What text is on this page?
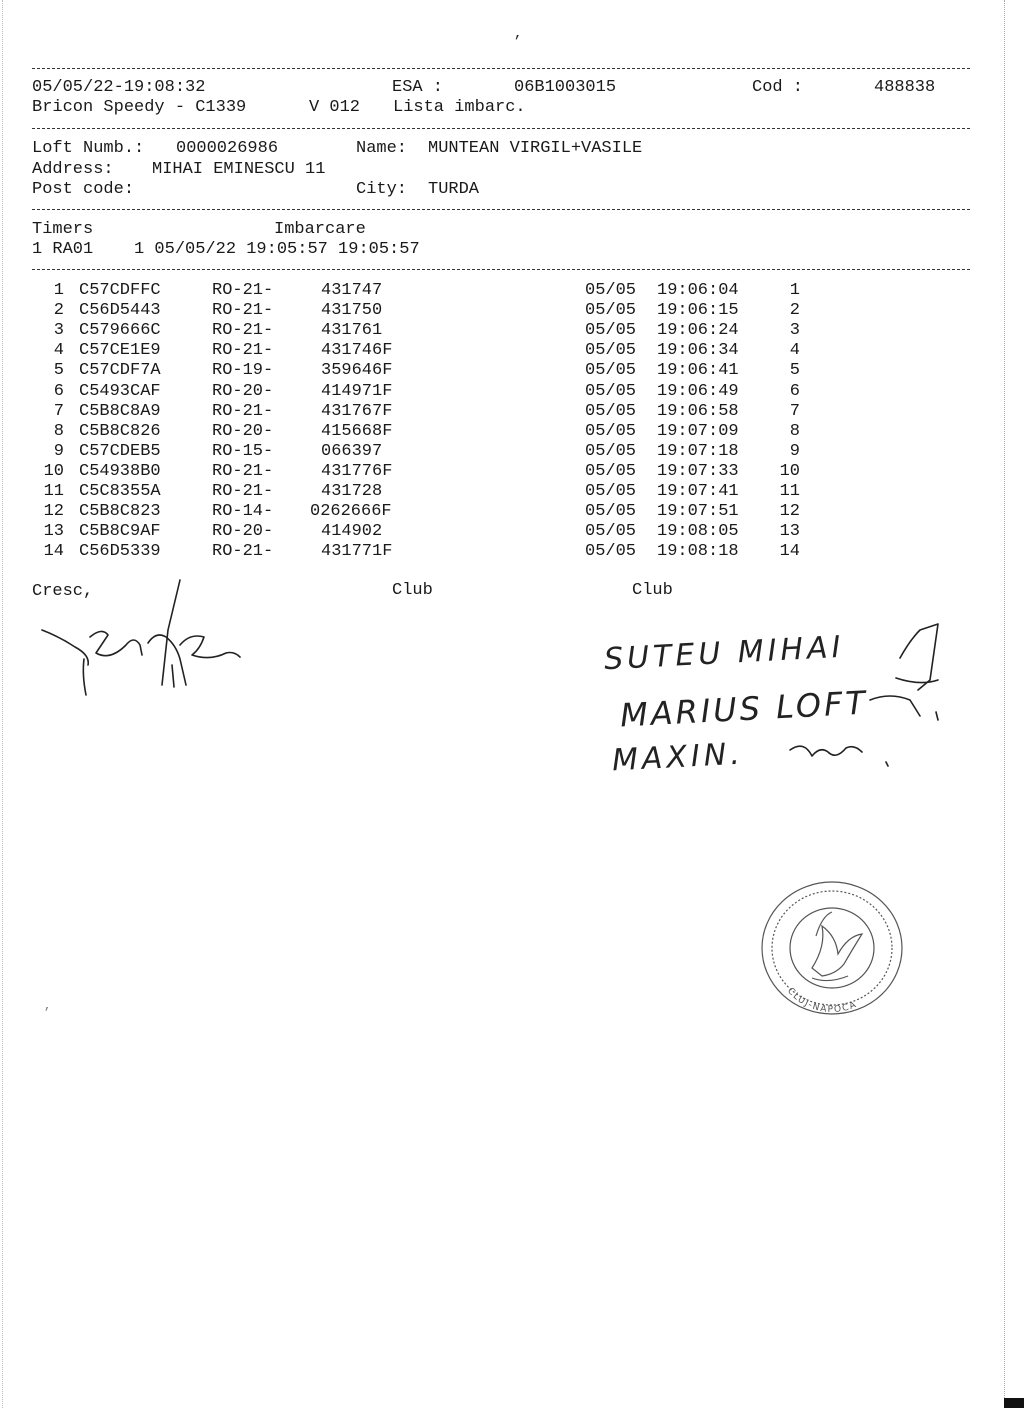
,
05/05/22-19:08:32	ESA :	06B1003015	Cod :	488838
Bricon Speedy - C1339	V 012 Lista imbarc.
Loft Numb.: 0000026986	Name: MUNTEAN VIRGIL+VASILE
Address: MIHAI EMINESCU 11
Post code:	City: TURDA
Timers	Imbarcare
1 RA01    1 05/05/22 19:05:57 19:05:57
1 C57CDFFC	RO-21-	431747	05/05 19:06:04	1
2 C56D5443	RO-21-	431750	05/05 19:06:15	2
3 C579666C	RO-21-	431761	05/05 19:06:24	3
4 C57CE1E9	RO-21-	431746F	05/05 19:06:34	4
5 C57CDF7A	RO-19-	359646F	05/05 19:06:41	5
6 C5493CAF	RO-20-	414971F	05/05 19:06:49	6
7 C5B8C8A9	RO-21-	431767F	05/05 19:06:58	7
8 C5B8C826	RO-20-	415668F	05/05 19:07:09	8
9 C57CDEB5	RO-15-	066397	05/05 19:07:18	9
10 C54938B0	RO-21-	431776F	05/05 19:07:33	10
11 C5C8355A	RO-21-	431728	05/05 19:07:41	11
12 C5B8C823	RO-14- 0262666F	05/05 19:07:51	12
13 C5B8C9AF	RO-20-	414902	05/05 19:08:05	13
14 C56D5339	RO-21-	431771F	05/05 19:08:18	14
Cresc,	Club	Club
SUTEU MIHAI
MARIUS LOFT
MAXIN.
CLUJ-NAPOCA
,
